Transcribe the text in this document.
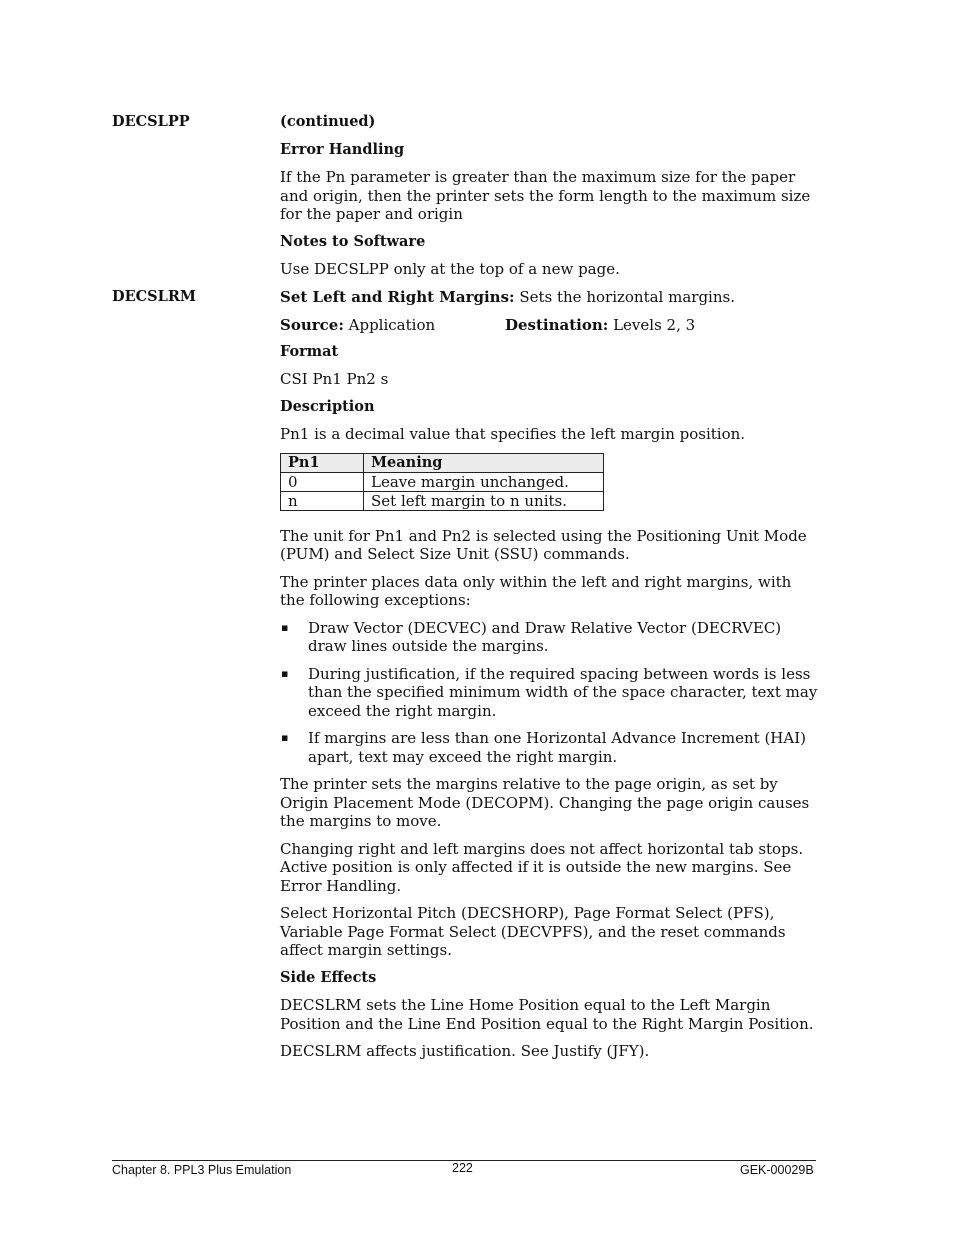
DECSLPP
DECSLRM
(continued)
Error Handling

If the Pn parameter is greater than the maximum size for the paper and origin, then the printer sets the form length to the maximum size for the paper and origin

Notes to Software

Use DECSLPP only at the top of a new page.

Set Left and Right Margins: Sets the horizontal margins.

Source: Application	Destination: Levels 2, 3
Format

CSI Pn1 Pn2 s

Description

Pn1 is a decimal value that specifies the left margin position.

Pn1	Meaning
0	Leave margin unchanged.
n	Set left margin to n units.

The unit for Pn1 and Pn2 is selected using the Positioning Unit Mode (PUM) and Select Size Unit (SSU) commands.

The printer places data only within the left and right margins, with the following exceptions:

▪ Draw Vector (DECVEC) and Draw Relative Vector (DECRVEC) draw lines outside the margins.
▪ During justification, if the required spacing between words is less than the specified minimum width of the space character, text may exceed the right margin.
▪ If margins are less than one Horizontal Advance Increment (HAI) apart, text may exceed the right margin.

The printer sets the margins relative to the page origin, as set by Origin Placement Mode (DECOPM). Changing the page origin causes the margins to move.

Changing right and left margins does not affect horizontal tab stops. Active position is only affected if it is outside the new margins. See Error Handling.

Select Horizontal Pitch (DECSHORP), Page Format Select (PFS), Variable Page Format Select (DECVPFS), and the reset commands affect margin settings.

Side Effects

DECSLRM sets the Line Home Position equal to the Left Margin Position and the Line End Position equal to the Right Margin Position.

DECSLRM affects justification. See Justify (JFY).

Chapter 8. PPL3 Plus Emulation	222	GEK-00029B
